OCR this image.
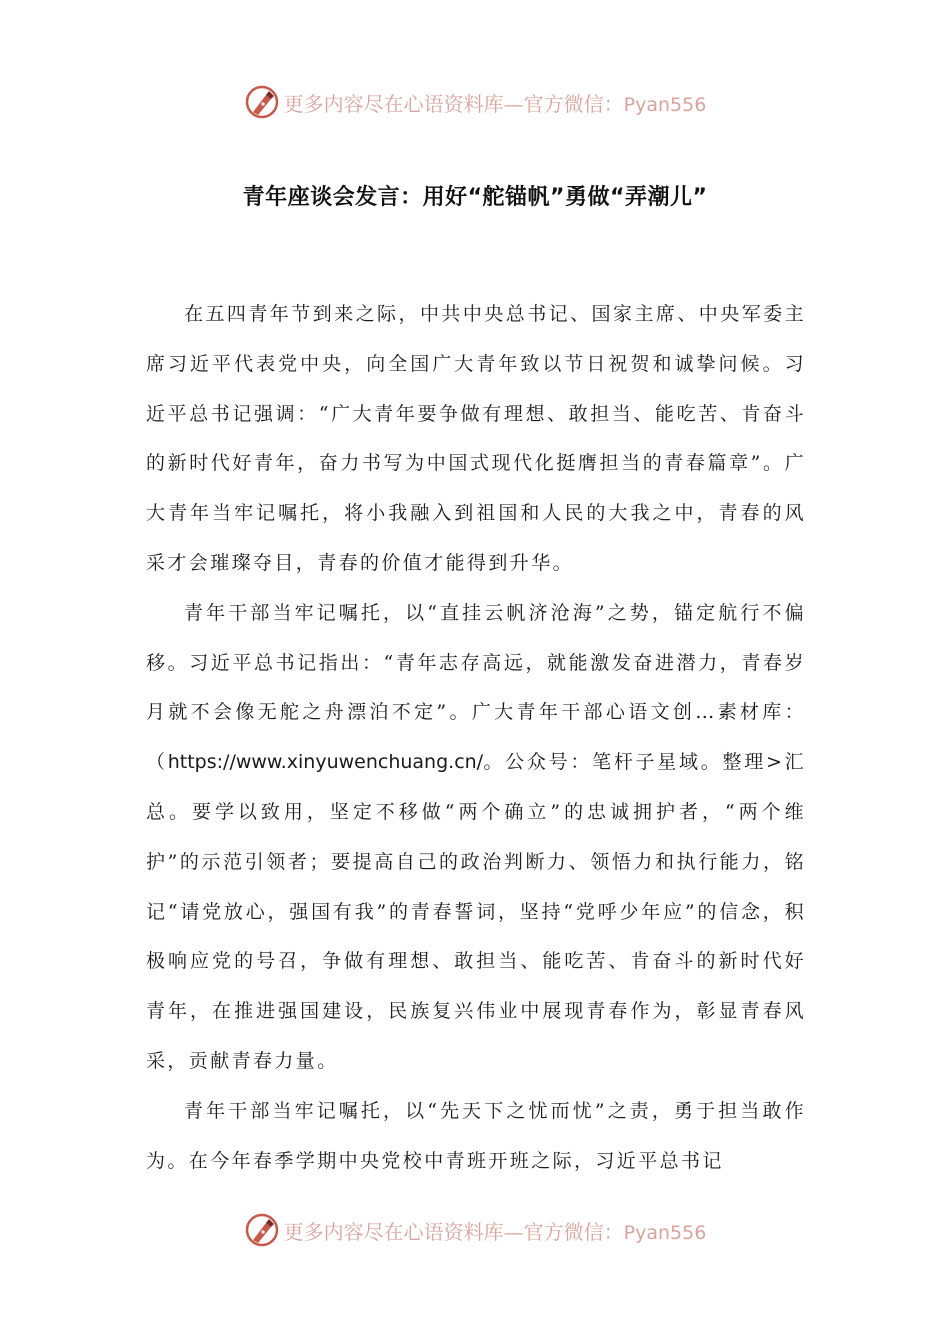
更多内容尽在心语资料库—官方微信：Pyan556
青年座谈会发言：用好“舵锚帆”勇做“弄潮儿”

在五四青年节到来之际，中共中央总书记、国家主席、中央军委主席习近平代表党中央，向全国广大青年致以节日祝贺和诚挚问候。习近平总书记强调：“广大青年要争做有理想、敢担当、能吃苦、肯奋斗的新时代好青年，奋力书写为中国式现代化挺膺担当的青春篇章”。广大青年当牢记嘱托，将小我融入到祖国和人民的大我之中，青春的风采才会璀璨夺目，青春的价值才能得到升华。

青年干部当牢记嘱托，以“直挂云帆济沧海”之势，锚定航行不偏移。习近平总书记指出：“青年志存高远，就能激发奋进潜力，青春岁月就不会像无舵之舟漂泊不定”。广大青年干部心语文创…素材库：（https://www.xinyuwenchuang.cn/。公众号：笔杆子星域。整理>汇总。要学以致用，坚定不移做“两个确立”的忠诚拥护者，“两个维护”的示范引领者；要提高自己的政治判断力、领悟力和执行能力，铭记“请党放心，强国有我”的青春誓词，坚持“党呼少年应”的信念，积极响应党的号召，争做有理想、敢担当、能吃苦、肯奋斗的新时代好青年，在推进强国建设，民族复兴伟业中展现青春作为，彰显青春风采，贡献青春力量。

青年干部当牢记嘱托，以“先天下之忧而忧”之责，勇于担当敢作为。在今年春季学期中央党校中青班开班之际，习近平总书记

更多内容尽在心语资料库—官方微信：Pyan556
